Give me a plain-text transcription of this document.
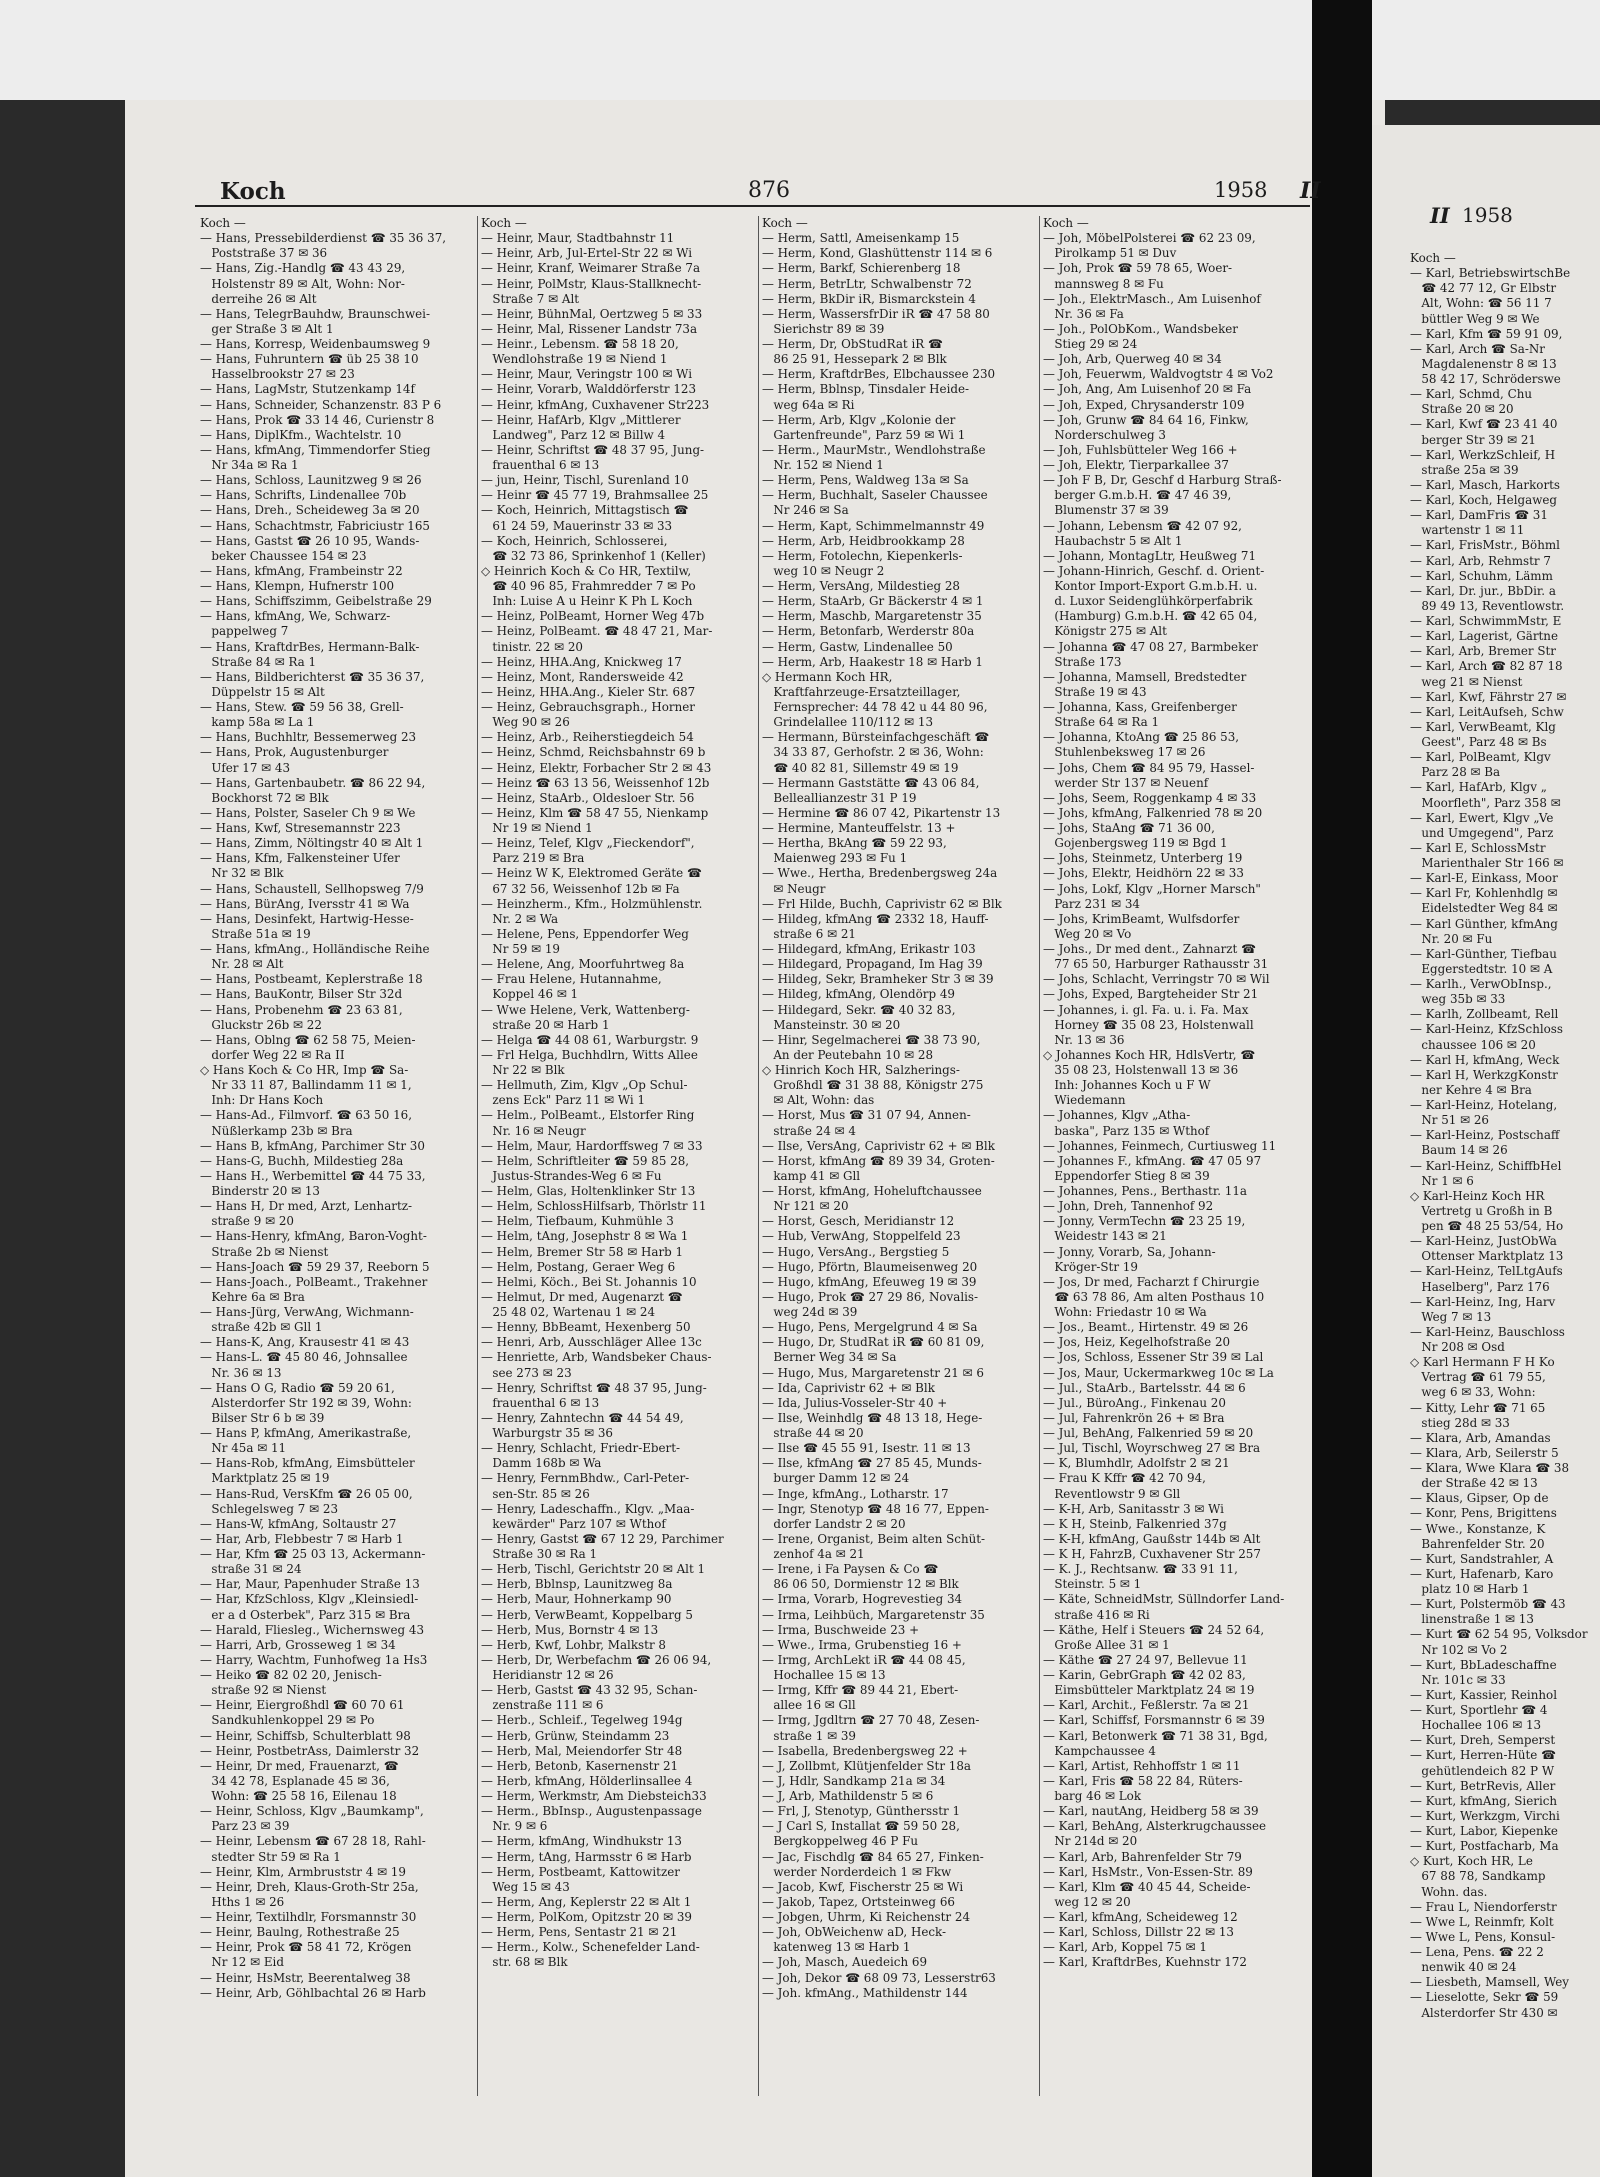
Koch	876	1958 II
Koch —
— Hans, Pressebilderdienst ☎ 35 36 37,
Poststraße 37 ✉ 36
— Hans, Zig.-Handlg ☎ 43 43 29,
Holstenstr 89 ✉ Alt, Wohn: Nor-
derreihe 26 ✉ Alt
— Hans, TelegrBauhdw, Braunschwei-
ger Straße 3 ✉ Alt 1
— Hans, Korresp, Weidenbaumsweg 9
— Hans, Fuhruntern ☎ üb 25 38 10
Hasselbrookstr 27 ✉ 23
— Hans, LagMstr, Stutzenkamp 14f
— Hans, Schneider, Schanzenstr. 83 P 6
— Hans, Prok ☎ 33 14 46, Curienstr 8
— Hans, DiplKfm., Wachtelstr. 10
— Hans, kfmAng, Timmendorfer Stieg
Nr 34a ✉ Ra 1
— Hans, Schloss, Launitzweg 9 ✉ 26
— Hans, Schrifts, Lindenallee 70b
— Hans, Dreh., Scheideweg 3a ✉ 20
— Hans, Schachtmstr, Fabriciustr 165
— Hans, Gastst ☎ 26 10 95, Wands-
beker Chaussee 154 ✉ 23
— Hans, kfmAng, Frambeinstr 22
— Hans, Klempn, Hufnerstr 100
— Hans, Schiffszimm, Geibelstraße 29
— Hans, kfmAng, We, Schwarz-
pappelweg 7
— Hans, KraftdrBes, Hermann-Balk-
Straße 84 ✉ Ra 1
— Hans, Bildberichterst ☎ 35 36 37,
Düppelstr 15 ✉ Alt
— Hans, Stew. ☎ 59 56 38, Grell-
kamp 58a ✉ La 1
— Hans, Buchhltr, Bessemerweg 23
— Hans, Prok, Augustenburger
Ufer 17 ✉ 43
— Hans, Gartenbaubetr. ☎ 86 22 94,
Bockhorst 72 ✉ Blk
— Hans, Polster, Saseler Ch 9 ✉ We
— Hans, Kwf, Stresemannstr 223
— Hans, Zimm, Nöltingstr 40 ✉ Alt 1
— Hans, Kfm, Falkensteiner Ufer
Nr 32 ✉ Blk
— Hans, Schaustell, Sellhopsweg 7/9
— Hans, BürAng, Iversstr 41 ✉ Wa
— Hans, Desinfekt, Hartwig-Hesse-
Straße 51a ✉ 19
— Hans, kfmAng., Holländische Reihe
Nr. 28 ✉ Alt
— Hans, Postbeamt, Keplerstraße 18
— Hans, BauKontr, Bilser Str 32d
— Hans, Probenehm ☎ 23 63 81,
Gluckstr 26b ✉ 22
— Hans, Oblng ☎ 62 58 75, Meien-
dorfer Weg 22 ✉ Ra II
◇ Hans Koch & Co HR, Imp ☎ Sa-
Nr 33 11 87, Ballindamm 11 ✉ 1,
Inh: Dr Hans Koch
— Hans-Ad., Filmvorf. ☎ 63 50 16,
Nüßlerkamp 23b ✉ Bra
— Hans B, kfmAng, Parchimer Str 30
— Hans-G, Buchh, Mildestieg 28a
— Hans H., Werbemittel ☎ 44 75 33,
Binderstr 20 ✉ 13
— Hans H, Dr med, Arzt, Lenhartz-
straße 9 ✉ 20
— Hans-Henry, kfmAng, Baron-Voght-
Straße 2b ✉ Nienst
— Hans-Joach ☎ 59 29 37, Reeborn 5
— Hans-Joach., PolBeamt., Trakehner
Kehre 6a ✉ Bra
— Hans-Jürg, VerwAng, Wichmann-
straße 42b ✉ Gll 1
— Hans-K, Ang, Krausestr 41 ✉ 43
— Hans-L. ☎ 45 80 46, Johnsallee
Nr. 36 ✉ 13
— Hans O G, Radio ☎ 59 20 61,
Alsterdorfer Str 192 ✉ 39, Wohn:
Bilser Str 6 b ✉ 39
— Hans P, kfmAng, Amerikastraße,
Nr 45a ✉ 11
— Hans-Rob, kfmAng, Eimsbütteler
Marktplatz 25 ✉ 19
— Hans-Rud, VersKfm ☎ 26 05 00,
Schlegelsweg 7 ✉ 23
— Hans-W, kfmAng, Soltaustr 27
— Har, Arb, Flebbestr 7 ✉ Harb 1
— Har, Kfm ☎ 25 03 13, Ackermann-
straße 31 ✉ 24
— Har, Maur, Papenhuder Straße 13
— Har, KfzSchloss, Klgv „Kleinsiedl-
er a d Osterbek", Parz 315 ✉ Bra
— Harald, Fliesleg., Wichernsweg 43
— Harri, Arb, Grosseweg 1 ✉ 34
— Harry, Wachtm, Funhofweg 1a Hs3
— Heiko ☎ 82 02 20, Jenisch-
straße 92 ✉ Nienst
— Heinr, Eiergroßhdl ☎ 60 70 61
Sandkuhlenkoppel 29 ✉ Po
— Heinr, Schiffsb, Schulterblatt 98
— Heinr, PostbetrAss, Daimlerstr 32
— Heinr, Dr med, Frauenarzt, ☎
34 42 78, Esplanade 45 ✉ 36,
Wohn: ☎ 25 58 16, Eilenau 18
— Heinr, Schloss, Klgv „Baumkamp",
Parz 23 ✉ 39
— Heinr, Lebensm ☎ 67 28 18, Rahl-
stedter Str 59 ✉ Ra 1
— Heinr, Klm, Armbruststr 4 ✉ 19
— Heinr, Dreh, Klaus-Groth-Str 25a,
Hths 1 ✉ 26
— Heinr, Textilhdlr, Forsmannstr 30
— Heinr, Baulng, Rothestraße 25
— Heinr, Prok ☎ 58 41 72, Krögen
Nr 12 ✉ Eid
— Heinr, HsMstr, Beerentalweg 38
— Heinr, Arb, Göhlbachtal 26 ✉ Harb
Koch —
— Heinr, Maur, Stadtbahnstr 11
— Heinr, Arb, Jul-Ertel-Str 22 ✉ Wi
— Heinr, Kranf, Weimarer Straße 7a
— Heinr, PolMstr, Klaus-Stallknecht-
Straße 7 ✉ Alt
— Heinr, BühnMal, Oertzweg 5 ✉ 33
— Heinr, Mal, Rissener Landstr 73a
— Heinr., Lebensm. ☎ 58 18 20,
Wendlohstraße 19 ✉ Niend 1
— Heinr, Maur, Veringstr 100 ✉ Wi
— Heinr, Vorarb, Walddörferstr 123
— Heinr, kfmAng, Cuxhavener Str223
— Heinr, HafArb, Klgv „Mittlerer
Landweg", Parz 12 ✉ Billw 4
— Heinr, Schriftst ☎ 48 37 95, Jung-
frauenthal 6 ✉ 13
— jun, Heinr, Tischl, Surenland 10
— Heinr ☎ 45 77 19, Brahmsallee 25
— Koch, Heinrich, Mittagstisch ☎
61 24 59, Mauerinstr 33 ✉ 33
— Koch, Heinrich, Schlosserei,
☎ 32 73 86, Sprinkenhof 1 (Keller)
◇ Heinrich Koch & Co HR, Textilw,
☎ 40 96 85, Frahmredder 7 ✉ Po
Inh: Luise A u Heinr K Ph L Koch
— Heinz, PolBeamt, Horner Weg 47b
— Heinz, PolBeamt. ☎ 48 47 21, Mar-
tinistr. 22 ✉ 20
— Heinz, HHA.Ang, Knickweg 17
— Heinz, Mont, Randersweide 42
— Heinz, HHA.Ang., Kieler Str. 687
— Heinz, Gebrauchsgraph., Horner
Weg 90 ✉ 26
— Heinz, Arb., Reiherstiegdeich 54
— Heinz, Schmd, Reichsbahnstr 69 b
— Heinz, Elektr, Forbacher Str 2 ✉ 43
— Heinz ☎ 63 13 56, Weissenhof 12b
— Heinz, StaArb., Oldesloer Str. 56
— Heinz, Klm ☎ 58 47 55, Nienkamp
Nr 19 ✉ Niend 1
— Heinz, Telef, Klgv „Fieckendorf",
Parz 219 ✉ Bra
— Heinz W K, Elektromed Geräte ☎
67 32 56, Weissenhof 12b ✉ Fa
— Heinzherm., Kfm., Holzmühlenstr.
Nr. 2 ✉ Wa
— Helene, Pens, Eppendorfer Weg
Nr 59 ✉ 19
— Helene, Ang, Moorfuhrtweg 8a
— Frau Helene, Hutannahme,
Koppel 46 ✉ 1
— Wwe Helene, Verk, Wattenberg-
straße 20 ✉ Harb 1
— Helga ☎ 44 08 61, Warburgstr. 9
— Frl Helga, Buchhdlrn, Witts Allee
Nr 22 ✉ Blk
— Hellmuth, Zim, Klgv „Op Schul-
zens Eck" Parz 11 ✉ Wi 1
— Helm., PolBeamt., Elstorfer Ring
Nr. 16 ✉ Neugr
— Helm, Maur, Hardorffsweg 7 ✉ 33
— Helm, Schriftleiter ☎ 59 85 28,
Justus-Strandes-Weg 6 ✉ Fu
— Helm, Glas, Holtenklinker Str 13
— Helm, SchlossHilfsarb, Thörlstr 11
— Helm, Tiefbaum, Kuhmühle 3
— Helm, tAng, Josephstr 8 ✉ Wa 1
— Helm, Bremer Str 58 ✉ Harb 1
— Helm, Postang, Geraer Weg 6
— Helmi, Köch., Bei St. Johannis 10
— Helmut, Dr med, Augenarzt ☎
25 48 02, Wartenau 1 ✉ 24
— Henny, BbBeamt, Hexenberg 50
— Henri, Arb, Ausschläger Allee 13c
— Henriette, Arb, Wandsbeker Chaus-
see 273 ✉ 23
— Henry, Schriftst ☎ 48 37 95, Jung-
frauenthal 6 ✉ 13
— Henry, Zahntechn ☎ 44 54 49,
Warburgstr 35 ✉ 36
— Henry, Schlacht, Friedr-Ebert-
Damm 168b ✉ Wa
— Henry, FernmBhdw., Carl-Peter-
sen-Str. 85 ✉ 26
— Henry, Ladeschaffn., Klgv. „Maa-
kewärder" Parz 107 ✉ Wthof
— Henry, Gastst ☎ 67 12 29, Parchimer
Straße 30 ✉ Ra 1
— Herb, Tischl, Gerichtstr 20 ✉ Alt 1
— Herb, Bblnsp, Launitzweg 8a
— Herb, Maur, Hohnerkamp 90
— Herb, VerwBeamt, Koppelbarg 5
— Herb, Mus, Bornstr 4 ✉ 13
— Herb, Kwf, Lohbr, Malkstr 8
— Herb, Dr, Werbefachm ☎ 26 06 94,
Heridianstr 12 ✉ 26
— Herb, Gastst ☎ 43 32 95, Schan-
zenstraße 111 ✉ 6
— Herb., Schleif., Tegelweg 194g
— Herb, Grünw, Steindamm 23
— Herb, Mal, Meiendorfer Str 48
— Herb, Betonb, Kasernenstr 21
— Herb, kfmAng, Hölderlinsallee 4
— Herm, Werkmstr, Am Diebsteich33
— Herm., BbInsp., Augustenpassage
Nr. 9 ✉ 6
— Herm, kfmAng, Windhukstr 13
— Herm, tAng, Harmsstr 6 ✉ Harb
— Herm, Postbeamt, Kattowitzer
Weg 15 ✉ 43
— Herm, Ang, Keplerstr 22 ✉ Alt 1
— Herm, PolKom, Opitzstr 20 ✉ 39
— Herm, Pens, Sentastr 21 ✉ 21
— Herm., Kolw., Schenefelder Land-
str. 68 ✉ Blk
Koch —
— Herm, Sattl, Ameisenkamp 15
— Herm, Kond, Glashüttenstr 114 ✉ 6
— Herm, Barkf, Schierenberg 18
— Herm, BetrLtr, Schwalbenstr 72
— Herm, BkDir iR, Bismarckstein 4
— Herm, WassersfrDir iR ☎ 47 58 80
Sierichstr 89 ✉ 39
— Herm, Dr, ObStudRat iR ☎
86 25 91, Hessepark 2 ✉ Blk
— Herm, KraftdrBes, Elbchaussee 230
— Herm, Bblnsp, Tinsdaler Heide-
weg 64a ✉ Ri
— Herm, Arb, Klgv „Kolonie der
Gartenfreunde", Parz 59 ✉ Wi 1
— Herm., MaurMstr., Wendlohstraße
Nr. 152 ✉ Niend 1
— Herm, Pens, Waldweg 13a ✉ Sa
— Herm, Buchhalt, Saseler Chaussee
Nr 246 ✉ Sa
— Herm, Kapt, Schimmelmannstr 49
— Herm, Arb, Heidbrookkamp 28
— Herm, Fotolechn, Kiepenkerls-
weg 10 ✉ Neugr 2
— Herm, VersAng, Mildestieg 28
— Herm, StaArb, Gr Bäckerstr 4 ✉ 1
— Herm, Maschb, Margaretenstr 35
— Herm, Betonfarb, Werderstr 80a
— Herm, Gastw, Lindenallee 50
— Herm, Arb, Haakestr 18 ✉ Harb 1
◇ Hermann Koch HR,
Kraftfahrzeuge-Ersatzteillager,
Fernsprecher: 44 78 42 u 44 80 96,
Grindelallee 110/112 ✉ 13
— Hermann, Bürsteinfachgeschäft ☎
34 33 87, Gerhofstr. 2 ✉ 36, Wohn:
☎ 40 82 81, Sillemstr 49 ✉ 19
— Hermann Gaststätte ☎ 43 06 84,
Belleallianzestr 31 P 19
— Hermine ☎ 86 07 42, Pikartenstr 13
— Hermine, Manteuffelstr. 13 +
— Hertha, BkAng ☎ 59 22 93,
Maienweg 293 ✉ Fu 1
— Wwe., Hertha, Bredenbergsweg 24a
✉ Neugr
— Frl Hilde, Buchh, Caprivistr 62 ✉ Blk
— Hildeg, kfmAng ☎ 2332 18, Hauff-
straße 6 ✉ 21
— Hildegard, kfmAng, Erikastr 103
— Hildegard, Propagand, Im Hag 39
— Hildeg, Sekr, Bramheker Str 3 ✉ 39
— Hildeg, kfmAng, Olendörp 49
— Hildegard, Sekr. ☎ 40 32 83,
Mansteinstr. 30 ✉ 20
— Hinr, Segelmacherei ☎ 38 73 90,
An der Peutebahn 10 ✉ 28
◇ Hinrich Koch HR, Salzherings-
Großhdl ☎ 31 38 88, Königstr 275
✉ Alt, Wohn: das
— Horst, Mus ☎ 31 07 94, Annen-
straße 24 ✉ 4
— Ilse, VersAng, Caprivistr 62 + ✉ Blk
— Horst, kfmAng ☎ 89 39 34, Groten-
kamp 41 ✉ Gll
— Horst, kfmAng, Hoheluftchaussee
Nr 121 ✉ 20
— Horst, Gesch, Meridianstr 12
— Hub, VerwAng, Stoppelfeld 23
— Hugo, VersAng., Bergstieg 5
— Hugo, Pförtn, Blaumeisenweg 20
— Hugo, kfmAng, Efeuweg 19 ✉ 39
— Hugo, Prok ☎ 27 29 86, Novalis-
weg 24d ✉ 39
— Hugo, Pens, Mergelgrund 4 ✉ Sa
— Hugo, Dr, StudRat iR ☎ 60 81 09,
Berner Weg 34 ✉ Sa
— Hugo, Mus, Margaretenstr 21 ✉ 6
— Ida, Caprivistr 62 + ✉ Blk
— Ida, Julius-Vosseler-Str 40 +
— Ilse, Weinhdlg ☎ 48 13 18, Hege-
straße 44 ✉ 20
— Ilse ☎ 45 55 91, Isestr. 11 ✉ 13
— Ilse, kfmAng ☎ 27 85 45, Munds-
burger Damm 12 ✉ 24
— Inge, kfmAng., Lotharstr. 17
— Ingr, Stenotyp ☎ 48 16 77, Eppen-
dorfer Landstr 2 ✉ 20
— Irene, Organist, Beim alten Schüt-
zenhof 4a ✉ 21
— Irene, i Fa Paysen & Co ☎
86 06 50, Dormienstr 12 ✉ Blk
— Irma, Vorarb, Hogrevestieg 34
— Irma, Leihbüch, Margaretenstr 35
— Irma, Buschweide 23 +
— Wwe., Irma, Grubenstieg 16 +
— Irmg, ArchLekt iR ☎ 44 08 45,
Hochallee 15 ✉ 13
— Irmg, Kffr ☎ 89 44 21, Ebert-
allee 16 ✉ Gll
— Irmg, Jgdltrn ☎ 27 70 48, Zesen-
straße 1 ✉ 39
— Isabella, Bredenbergsweg 22 +
— J, Zollbmt, Klütjenfelder Str 18a
— J, Hdlr, Sandkamp 21a ✉ 34
— J, Arb, Mathildenstr 5 ✉ 6
— Frl, J, Stenotyp, Günthersstr 1
— J Carl S, Installat ☎ 59 50 28,
Bergkoppelweg 46 P Fu
— Jac, Fischdlg ☎ 84 65 27, Finken-
werder Norderdeich 1 ✉ Fkw
— Jacob, Kwf, Fischerstr 25 ✉ Wi
— Jakob, Tapez, Ortsteinweg 66
— Jobgen, Uhrm, Ki Reichenstr 24
— Joh, ObWeichenw aD, Heck-
katenweg 13 ✉ Harb 1
— Joh, Masch, Auedeich 69
— Joh, Dekor ☎ 68 09 73, Lesserstr63
— Joh. kfmAng., Mathildenstr 144
Koch —
— Joh, MöbelPolsterei ☎ 62 23 09,
Pirolkamp 51 ✉ Duv
— Joh, Prok ☎ 59 78 65, Woer-
mannsweg 8 ✉ Fu
— Joh., ElektrMasch., Am Luisenhof
Nr. 36 ✉ Fa
— Joh., PolObKom., Wandsbeker
Stieg 29 ✉ 24
— Joh, Arb, Querweg 40 ✉ 34
— Joh, Feuerwm, Waldvogtstr 4 ✉ Vo2
— Joh, Ang, Am Luisenhof 20 ✉ Fa
— Joh, Exped, Chrysanderstr 109
— Joh, Grunw ☎ 84 64 16, Finkw,
Norderschulweg 3
— Joh, Fuhlsbütteler Weg 166 +
— Joh, Elektr, Tierparkallee 37
— Joh F B, Dr, Geschf d Harburg Straß-
berger G.m.b.H. ☎ 47 46 39,
Blumenstr 37 ✉ 39
— Johann, Lebensm ☎ 42 07 92,
Haubachstr 5 ✉ Alt 1
— Johann, MontagLtr, Heußweg 71
— Johann-Hinrich, Geschf. d. Orient-
Kontor Import-Export G.m.b.H. u.
d. Luxor Seidenglühkörperfabrik
(Hamburg) G.m.b.H. ☎ 42 65 04,
Königstr 275 ✉ Alt
— Johanna ☎ 47 08 27, Barmbeker
Straße 173
— Johanna, Mamsell, Bredstedter
Straße 19 ✉ 43
— Johanna, Kass, Greifenberger
Straße 64 ✉ Ra 1
— Johanna, KtoAng ☎ 25 86 53,
Stuhlenbeksweg 17 ✉ 26
— Johs, Chem ☎ 84 95 79, Hassel-
werder Str 137 ✉ Neuenf
— Johs, Seem, Roggenkamp 4 ✉ 33
— Johs, kfmAng, Falkenried 78 ✉ 20
— Johs, StaAng ☎ 71 36 00,
Gojenbergsweg 119 ✉ Bgd 1
— Johs, Steinmetz, Unterberg 19
— Johs, Elektr, Heidhörn 22 ✉ 33
— Johs, Lokf, Klgv „Horner Marsch"
Parz 231 ✉ 34
— Johs, KrimBeamt, Wulfsdorfer
Weg 20 ✉ Vo
— Johs., Dr med dent., Zahnarzt ☎
77 65 50, Harburger Rathausstr 31
— Johs, Schlacht, Verringstr 70 ✉ Wil
— Johs, Exped, Bargteheider Str 21
— Johannes, i. gl. Fa. u. i. Fa. Max
Horney ☎ 35 08 23, Holstenwall
Nr. 13 ✉ 36
◇ Johannes Koch HR, HdlsVertr, ☎
35 08 23, Holstenwall 13 ✉ 36
Inh: Johannes Koch u F W
Wiedemann
— Johannes, Klgv „Atha-
baska", Parz 135 ✉ Wthof
— Johannes, Feinmech, Curtiusweg 11
— Johannes F., kfmAng. ☎ 47 05 97
Eppendorfer Stieg 8 ✉ 39
— Johannes, Pens., Berthastr. 11a
— John, Dreh, Tannenhof 92
— Jonny, VermTechn ☎ 23 25 19,
Weidestr 143 ✉ 21
— Jonny, Vorarb, Sa, Johann-
Kröger-Str 19
— Jos, Dr med, Facharzt f Chirurgie
☎ 63 78 86, Am alten Posthaus 10
Wohn: Friedastr 10 ✉ Wa
— Jos., Beamt., Hirtenstr. 49 ✉ 26
— Jos, Heiz, Kegelhofstraße 20
— Jos, Schloss, Essener Str 39 ✉ Lal
— Jos, Maur, Uckermarkweg 10c ✉ La
— Jul., StaArb., Bartelsstr. 44 ✉ 6
— Jul., BüroAng., Finkenau 20
— Jul, Fahrenkrön 26 + ✉ Bra
— Jul, BehAng, Falkenried 59 ✉ 20
— Jul, Tischl, Woyrschweg 27 ✉ Bra
— K, Blumhdlr, Adolfstr 2 ✉ 21
— Frau K Kffr ☎ 42 70 94,
Reventlowstr 9 ✉ Gll
— K-H, Arb, Sanitasstr 3 ✉ Wi
— K H, Steinb, Falkenried 37g
— K-H, kfmAng, Gaußstr 144b ✉ Alt
— K H, FahrzB, Cuxhavener Str 257
— K. J., Rechtsanw. ☎ 33 91 11,
Steinstr. 5 ✉ 1
— Käte, SchneidMstr, Süllndorfer Land-
straße 416 ✉ Ri
— Käthe, Helf i Steuers ☎ 24 52 64,
Große Allee 31 ✉ 1
— Käthe ☎ 27 24 97, Bellevue 11
— Karin, GebrGraph ☎ 42 02 83,
Eimsbütteler Marktplatz 24 ✉ 19
— Karl, Archit., Feßlerstr. 7a ✉ 21
— Karl, Schiffsf, Forsmannstr 6 ✉ 39
— Karl, Betonwerk ☎ 71 38 31, Bgd,
Kampchaussee 4
— Karl, Artist, Rehhoffstr 1 ✉ 11
— Karl, Fris ☎ 58 22 84, Rüters-
barg 46 ✉ Lok
— Karl, nautAng, Heidberg 58 ✉ 39
— Karl, BehAng, Alsterkrugchaussee
Nr 214d ✉ 20
— Karl, Arb, Bahrenfelder Str 79
— Karl, HsMstr., Von-Essen-Str. 89
— Karl, Klm ☎ 40 45 44, Scheide-
weg 12 ✉ 20
— Karl, kfmAng, Scheideweg 12
— Karl, Schloss, Dillstr 22 ✉ 13
— Karl, Arb, Koppel 75 ✉ 1
— Karl, KraftdrBes, Kuehnstr 172
II 1958
Koch —
— Karl, BetriebswirtschBe
☎ 42 77 12, Gr Elbstr
Alt, Wohn: ☎ 56 11 7
büttler Weg 9 ✉ We
— Karl, Kfm ☎ 59 91 09,
— Karl, Arch ☎ Sa-Nr
Magdalenenstr 8 ✉ 13
58 42 17, Schröderswe
— Karl, Schmd, Chu
Straße 20 ✉ 20
— Karl, Kwf ☎ 23 41 40
berger Str 39 ✉ 21
— Karl, WerkzSchleif, H
straße 25a ✉ 39
— Karl, Masch, Harkorts
— Karl, Koch, Helgaweg
— Karl, DamFris ☎ 31
wartenstr 1 ✉ 11
— Karl, FrisMstr., Böhml
— Karl, Arb, Rehmstr 7
— Karl, Schuhm, Lämm
— Karl, Dr. jur., BbDir. a
89 49 13, Reventlowstr.
— Karl, SchwimmMstr, E
— Karl, Lagerist, Gärtne
— Karl, Arb, Bremer Str
— Karl, Arch ☎ 82 87 18
weg 21 ✉ Nienst
— Karl, Kwf, Fährstr 27 ✉
— Karl, LeitAufseh, Schw
— Karl, VerwBeamt, Klg
Geest", Parz 48 ✉ Bs
— Karl, PolBeamt, Klgv
Parz 28 ✉ Ba
— Karl, HafArb, Klgv „
Moorfleth", Parz 358 ✉
— Karl, Ewert, Klgv „Ve
und Umgegend", Parz
— Karl E, SchlossMstr
Marienthaler Str 166 ✉
— Karl-E, Einkass, Moor
— Karl Fr, Kohlenhdlg ✉
Eidelstedter Weg 84 ✉
— Karl Günther, kfmAng
Nr. 20 ✉ Fu
— Karl-Günther, Tiefbau
Eggerstedtstr. 10 ✉ A
— Karlh., VerwObInsp.,
weg 35b ✉ 33
— Karlh, Zollbeamt, Rell
— Karl-Heinz, KfzSchloss
chaussee 106 ✉ 20
— Karl H, kfmAng, Weck
— Karl H, WerkzgKonstr
ner Kehre 4 ✉ Bra
— Karl-Heinz, Hotelang,
Nr 51 ✉ 26
— Karl-Heinz, Postschaff
Baum 14 ✉ 26
— Karl-Heinz, SchiffbHel
Nr 1 ✉ 6
◇ Karl-Heinz Koch HR
Vertretg u Großh in B
pen ☎ 48 25 53/54, Ho
— Karl-Heinz, JustObWa
Ottenser Marktplatz 13
— Karl-Heinz, TelLtgAufs
Haselberg", Parz 176
— Karl-Heinz, Ing, Harv
Weg 7 ✉ 13
— Karl-Heinz, Bauschloss
Nr 208 ✉ Osd
◇ Karl Hermann F H Ko
Vertrag ☎ 61 79 55,
weg 6 ✉ 33, Wohn:
— Kitty, Lehr ☎ 71 65
stieg 28d ✉ 33
— Klara, Arb, Amandas
— Klara, Arb, Seilerstr 5
— Klara, Wwe Klara ☎ 38
der Straße 42 ✉ 13
— Klaus, Gipser, Op de
— Konr, Pens, Brigittens
— Wwe., Konstanze, K
Bahrenfelder Str. 20
— Kurt, Sandstrahler, A
— Kurt, Hafenarb, Karo
platz 10 ✉ Harb 1
— Kurt, Polstermöb ☎ 43
linenstraße 1 ✉ 13
— Kurt ☎ 62 54 95, Volksdor
Nr 102 ✉ Vo 2
— Kurt, BbLadeschaffne
Nr. 101c ✉ 33
— Kurt, Kassier, Reinhol
— Kurt, Sportlehr ☎ 4
Hochallee 106 ✉ 13
— Kurt, Dreh, Semperst
— Kurt, Herren-Hüte ☎
gehütlendeich 82 P W
— Kurt, BetrRevis, Aller
— Kurt, kfmAng, Sierich
— Kurt, Werkzgm, Virchi
— Kurt, Labor, Kiepenke
— Kurt, Postfacharb, Ma
◇ Kurt, Koch HR, Le
67 88 78, Sandkamp
Wohn. das.
— Frau L, Niendorferstr
— Wwe L, Reinmfr, Kolt
— Wwe L, Pens, Konsul-
— Lena, Pens. ☎ 22 2
nenwik 40 ✉ 24
— Liesbeth, Mamsell, Wey
— Lieselotte, Sekr ☎ 59
Alsterdorfer Str 430 ✉
